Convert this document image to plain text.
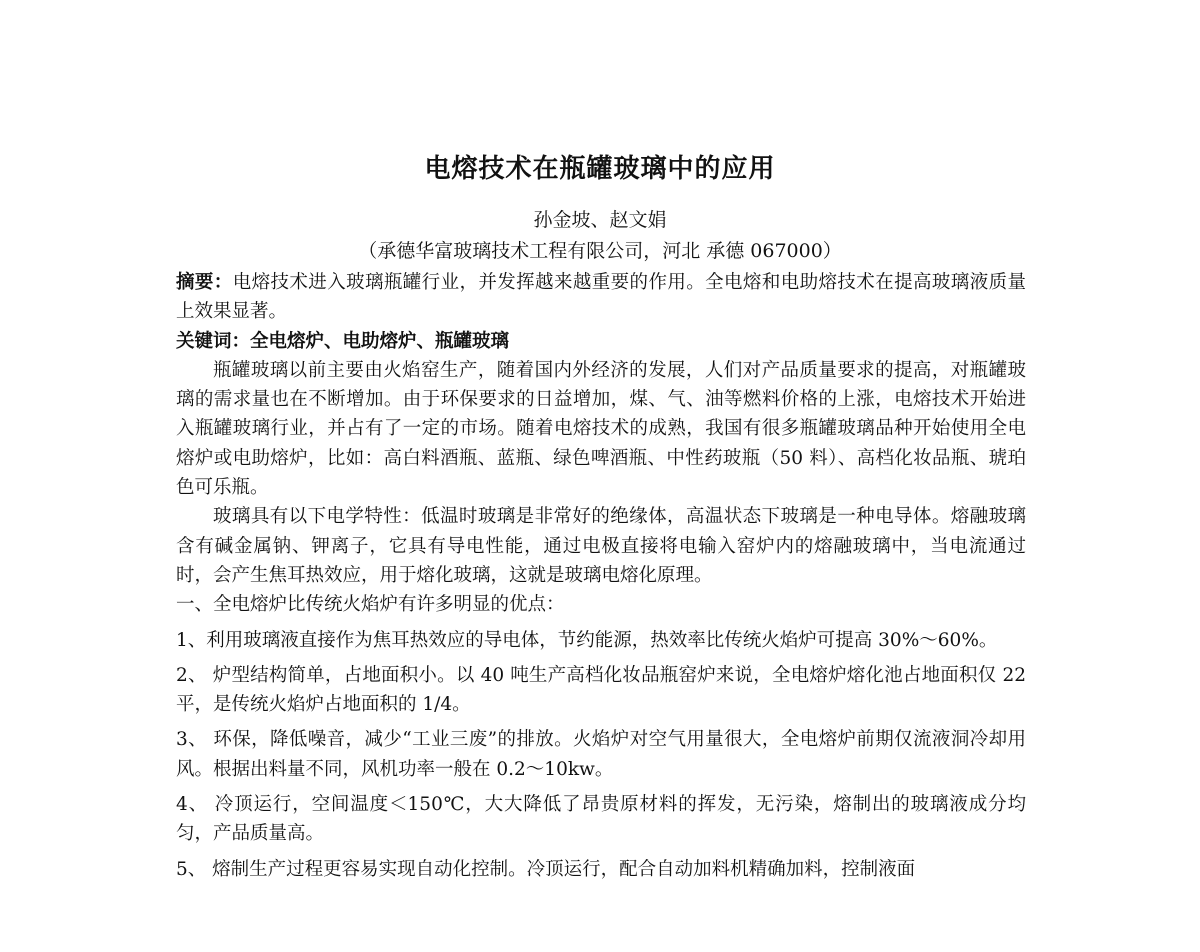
电熔技术在瓶罐玻璃中的应用
孙金坡、赵文娟
（承德华富玻璃技术工程有限公司，河北 承德 067000）

摘要：电熔技术进入玻璃瓶罐行业，并发挥越来越重要的作用。全电熔和电助熔技术在提高玻璃液质量上效果显著。

关键词：全电熔炉、电助熔炉、瓶罐玻璃

瓶罐玻璃以前主要由火焰窑生产，随着国内外经济的发展，人们对产品质量要求的提高，对瓶罐玻璃的需求量也在不断增加。由于环保要求的日益增加，煤、气、油等燃料价格的上涨，电熔技术开始进入瓶罐玻璃行业，并占有了一定的市场。随着电熔技术的成熟，我国有很多瓶罐玻璃品种开始使用全电熔炉或电助熔炉，比如：高白料酒瓶、蓝瓶、绿色啤酒瓶、中性药玻瓶（50 料）、高档化妆品瓶、琥珀色可乐瓶。

玻璃具有以下电学特性：低温时玻璃是非常好的绝缘体，高温状态下玻璃是一种电导体。熔融玻璃含有碱金属钠、钾离子，它具有导电性能，通过电极直接将电输入窑炉内的熔融玻璃中，当电流通过时，会产生焦耳热效应，用于熔化玻璃，这就是玻璃电熔化原理。

一、全电熔炉比传统火焰炉有许多明显的优点：

1、利用玻璃液直接作为焦耳热效应的导电体，节约能源，热效率比传统火焰炉可提高 30%～60%。

2、 炉型结构简单，占地面积小。以 40 吨生产高档化妆品瓶窑炉来说，全电熔炉熔化池占地面积仅 22 平，是传统火焰炉占地面积的 1/4。

3、 环保，降低噪音，减少“工业三废”的排放。火焰炉对空气用量很大，全电熔炉前期仅流液洞冷却用风。根据出料量不同，风机功率一般在 0.2～10kw。

4、 冷顶运行，空间温度＜150℃，大大降低了昂贵原材料的挥发，无污染，熔制出的玻璃液成分均匀，产品质量高。

5、 熔制生产过程更容易实现自动化控制。冷顶运行，配合自动加料机精确加料，控制液面
